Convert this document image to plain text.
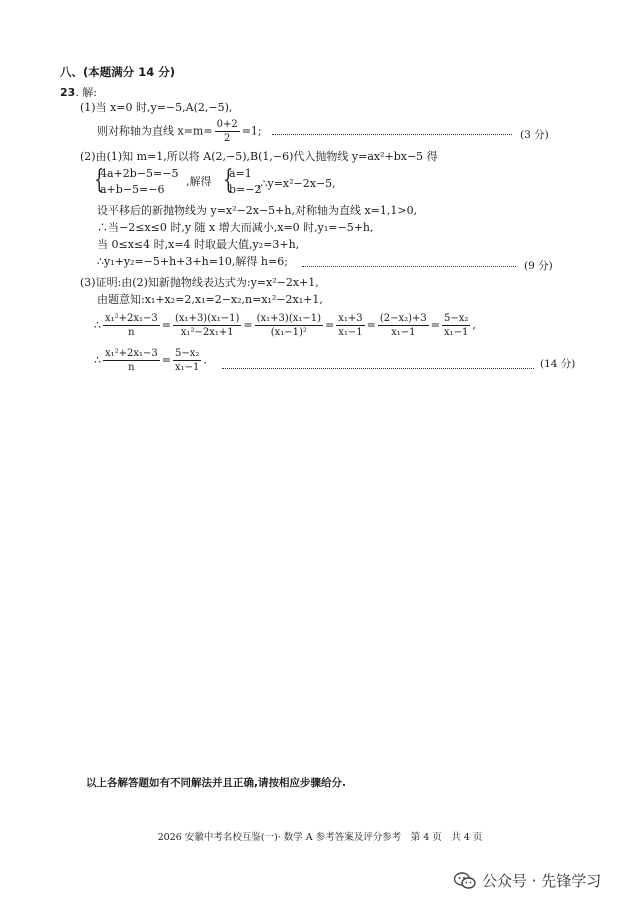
八、(本题满分 14 分)
23. 解:
(1)当 x=0 时,y=−5,A(2,−5),
则对称轴为直线 $x=m= \frac{0+2}{2} =1$;	(3 分)
(2)由(1)知 m=1,所以将 A(2,−5),B(1,−6)代入抛物线 y=ax²+bx−5 得
{
4a+2b−5=−5
a+b−5=−6
,解得 {
a=1
b=−2
,∴y=x²−2x−5,
设平移后的新抛物线为 y=x²−2x−5+h,对称轴为直线 x=1,1>0,
∴当−2≤x≤0 时,y 随 x 增大而减小,x=0 时,y₁=−5+h,
当 0≤x≤4 时,x=4 时取最大值,y₂=3+h,
∴y₁+y₂=−5+h+3+h=10,解得 h=6;	(9 分)
(3)证明:由(2)知新抛物线表达式为:y=x²−2x+1,
由题意知:x₁+x₂=2,x₁=2−x₂,n=x₁²−2x₁+1,
∴ $\frac{\text{x₁²+2x₁−3}}{n} = \frac{\text{(x₁+3)(x₁−1)}}{\text{x₁²−2x₁+1}} = \frac{\text{(x₁+3)(x₁−1)}}{\text{(x₁−1)²}} = \frac{\text{x₁+3}}{\text{x₁−1}} = \frac{\text{(2−x₂)+3}}{\text{x₁−1}} = \frac{\text{5−x₂}}{\text{x₁−1}}$ ,
∴ $\frac{\text{x₁²+2x₁−3}}{n} = \frac{\text{5−x₂}}{\text{x₁−1}}$ .	(14 分)
以上各解答题如有不同解法并且正确,请按相应步骤给分.
2026 安徽中考名校互鉴(一)· 数学 A 参考答案及评分参考　第 4 页　共 4 页
公众号 · 先锋学习
